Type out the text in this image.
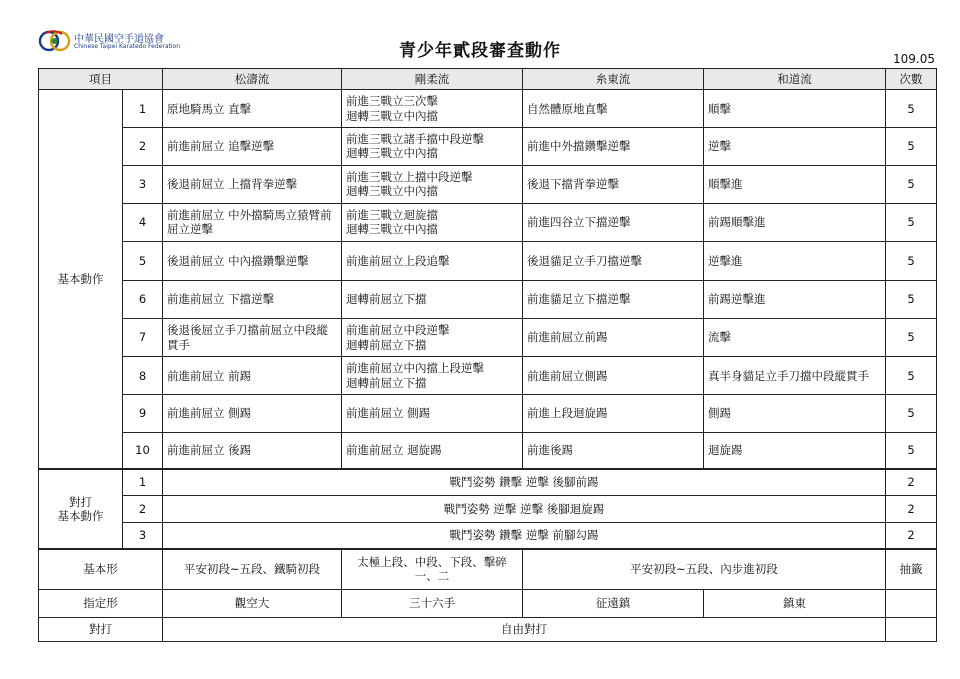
中華民國空手道協會
Chinese Taipei Karatedo Federation	青少年貳段審查動作	109.05
項目		松濤流	剛柔流	糸東流	和道流	次數
基本動作	1	原地騎馬立 直擊	前進三戰立三次擊
迴轉三戰立中內擋	自然體原地直擊	順擊	5
	2	前進前屈立 追擊逆擊	前進三戰立諸手擋中段逆擊
迴轉三戰立中內擋	前進中外擋鑽擊逆擊	逆擊	5
	3	後退前屈立 上擋背拳逆擊	前進三戰立上擋中段逆擊
迴轉三戰立中內擋	後退下擋背拳逆擊	順擊進	5
	4	前進前屈立 中外擋騎馬立猿臂前屈立逆擊	前進三戰立迴旋擋
迴轉三戰立中內擋	前進四谷立下擋逆擊	前踢順擊進	5
	5	後退前屈立 中內擋鑽擊逆擊	前進前屈立上段追擊	後退貓足立手刀擋逆擊	逆擊進	5
	6	前進前屈立 下擋逆擊	迴轉前屈立下擋	前進貓足立下擋逆擊	前踢逆擊進	5
	7	後退後屈立手刀擋前屈立中段縱貫手	前進前屈立中段逆擊
迴轉前屈立下擋	前進前屈立前踢	流擊	5
	8	前進前屈立 前踢	前進前屈立中內擋上段逆擊
迴轉前屈立下擋	前進前屈立側踢	真半身貓足立手刀擋中段縱貫手	5
	9	前進前屈立 側踢	前進前屈立 側踢	前進上段迴旋踢	側踢	5
	10	前進前屈立 後踢	前進前屈立 迴旋踢	前進後踢	迴旋踢	5

對打
基本動作	1	戰鬥姿勢 鑽擊 逆擊 後腳前踢				2
	2	戰鬥姿勢 逆擊 逆擊 後腳迴旋踢				2
	3	戰鬥姿勢 鑽擊 逆擊 前腳勾踢				2
基本形		平安初段~五段、鐵騎初段	太極上段、中段、下段、擊碎一、二	平安初段~五段、內步進初段		抽籤
指定形		觀空大	三十六手	征遠鎮	鎮東	
對打		自由對打				
